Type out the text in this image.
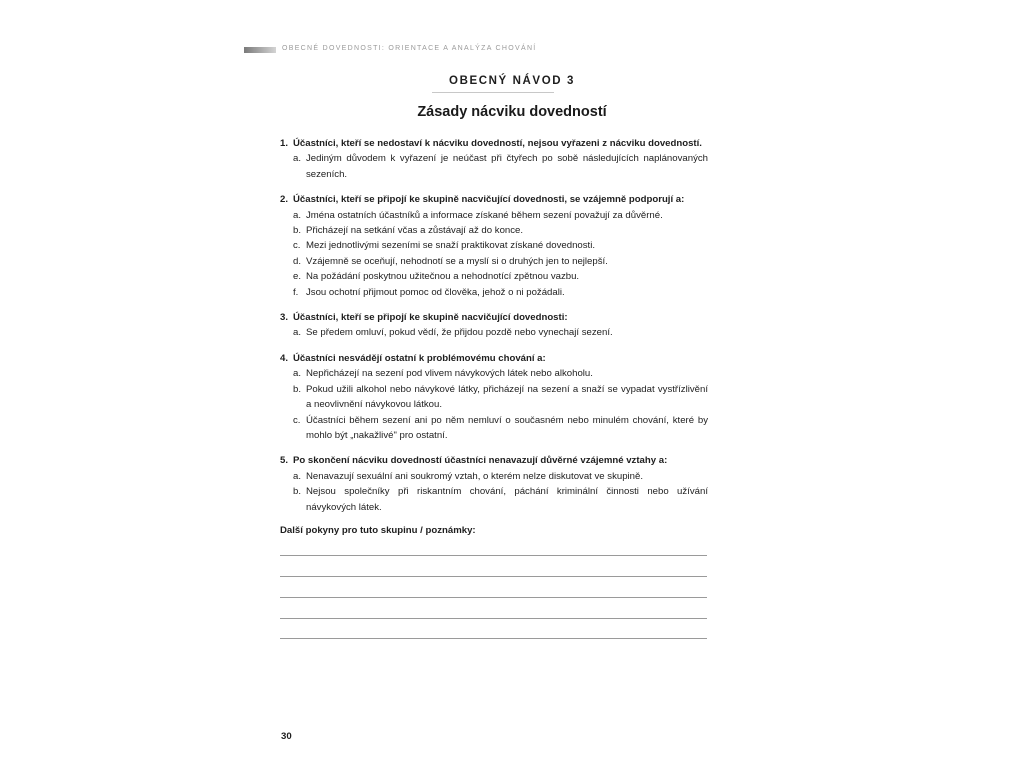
OBECNÉ DOVEDNOSTI: ORIENTACE A ANALÝZA CHOVÁNÍ
OBECNÝ NÁVOD 3
Zásady nácviku dovedností
1. Účastníci, kteří se nedostaví k nácviku dovedností, nejsou vyřazeni z nácviku dovedností.
a. Jediným důvodem k vyřazení je neúčast při čtyřech po sobě následujících naplánovaných sezeních.
2. Účastníci, kteří se připojí ke skupině nacvičující dovednosti, se vzájemně podporují a:
a. Jména ostatních účastníků a informace získané během sezení považují za důvěrné.
b. Přicházejí na setkání včas a zůstávají až do konce.
c. Mezi jednotlivými sezeními se snaží praktikovat získané dovednosti.
d. Vzájemně se oceňují, nehodnotí se a myslí si o druhých jen to nejlepší.
e. Na požádání poskytnou užitečnou a nehodnotící zpětnou vazbu.
f. Jsou ochotní přijmout pomoc od člověka, jehož o ni požádali.
3. Účastníci, kteří se připojí ke skupině nacvičující dovednosti:
a. Se předem omluví, pokud vědí, že přijdou pozdě nebo vynechají sezení.
4. Účastníci nesvádějí ostatní k problémovému chování a:
a. Nepřicházejí na sezení pod vlivem návykových látek nebo alkoholu.
b. Pokud užili alkohol nebo návykové látky, přicházejí na sezení a snaží se vypadat vystřízlivění a neovlivnění návykovou látkou.
c. Účastníci během sezení ani po něm nemluví o současném nebo minulém chování, které by mohlo být „nakažlivé" pro ostatní.
5. Po skončení nácviku dovedností účastníci nenavazují důvěrné vzájemné vztahy a:
a. Nenavazují sexuální ani soukromý vztah, o kterém nelze diskutovat ve skupině.
b. Nejsou společníky při riskantním chování, páchání kriminální činnosti nebo užívání návykových látek.
Další pokyny pro tuto skupinu / poznámky:
30
